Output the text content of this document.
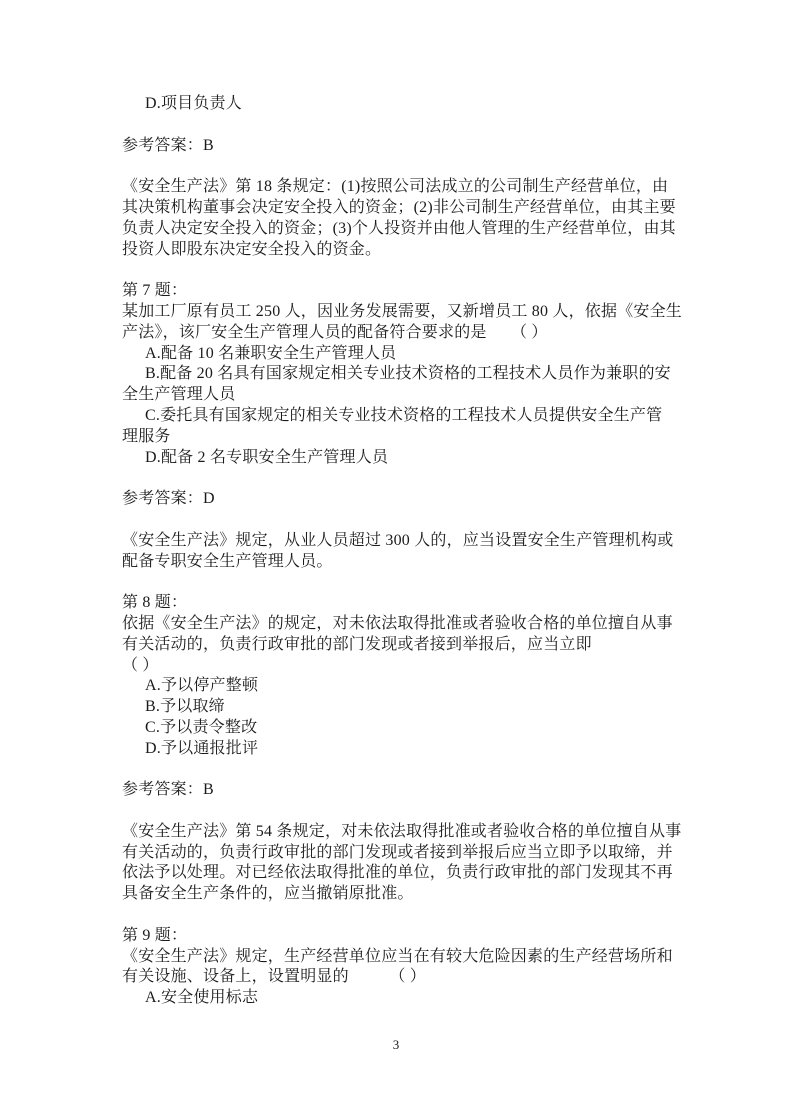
D.项目负责人
参考答案：B
《安全生产法》第 18 条规定：(1)按照公司法成立的公司制生产经营单位，由
其决策机构董事会决定安全投入的资金；(2)非公司制生产经营单位，由其主要
负责人决定安全投入的资金；(3)个人投资并由他人管理的生产经营单位，由其
投资人即股东决定安全投入的资金。
第 7 题：
某加工厂原有员工 250 人，因业务发展需要，又新增员工 80 人，依据《安全生
产法》，该厂安全生产管理人员的配备符合要求的是　　（ ）
A.配备 10 名兼职安全生产管理人员
B.配备 20 名具有国家规定相关专业技术资格的工程技术人员作为兼职的安
全生产管理人员
C.委托具有国家规定的相关专业技术资格的工程技术人员提供安全生产管
理服务
D.配备 2 名专职安全生产管理人员
参考答案：D
《安全生产法》规定，从业人员超过 300 人的，应当设置安全生产管理机构或
配备专职安全生产管理人员。
第 8 题：
依据《安全生产法》的规定，对未依法取得批准或者验收合格的单位擅自从事
有关活动的，负责行政审批的部门发现或者接到举报后，应当立即
（ ）
A.予以停产整顿
B.予以取缔
C.予以责令整改
D.予以通报批评
参考答案：B
《安全生产法》第 54 条规定，对未依法取得批准或者验收合格的单位擅自从事
有关活动的，负责行政审批的部门发现或者接到举报后应当立即予以取缔，并
依法予以处理。对已经依法取得批准的单位，负责行政审批的部门发现其不再
具备安全生产条件的，应当撤销原批准。
第 9 题：
《安全生产法》规定，生产经营单位应当在有较大危险因素的生产经营场所和
有关设施、设备上，设置明显的　　　（ ）
A.安全使用标志
3
